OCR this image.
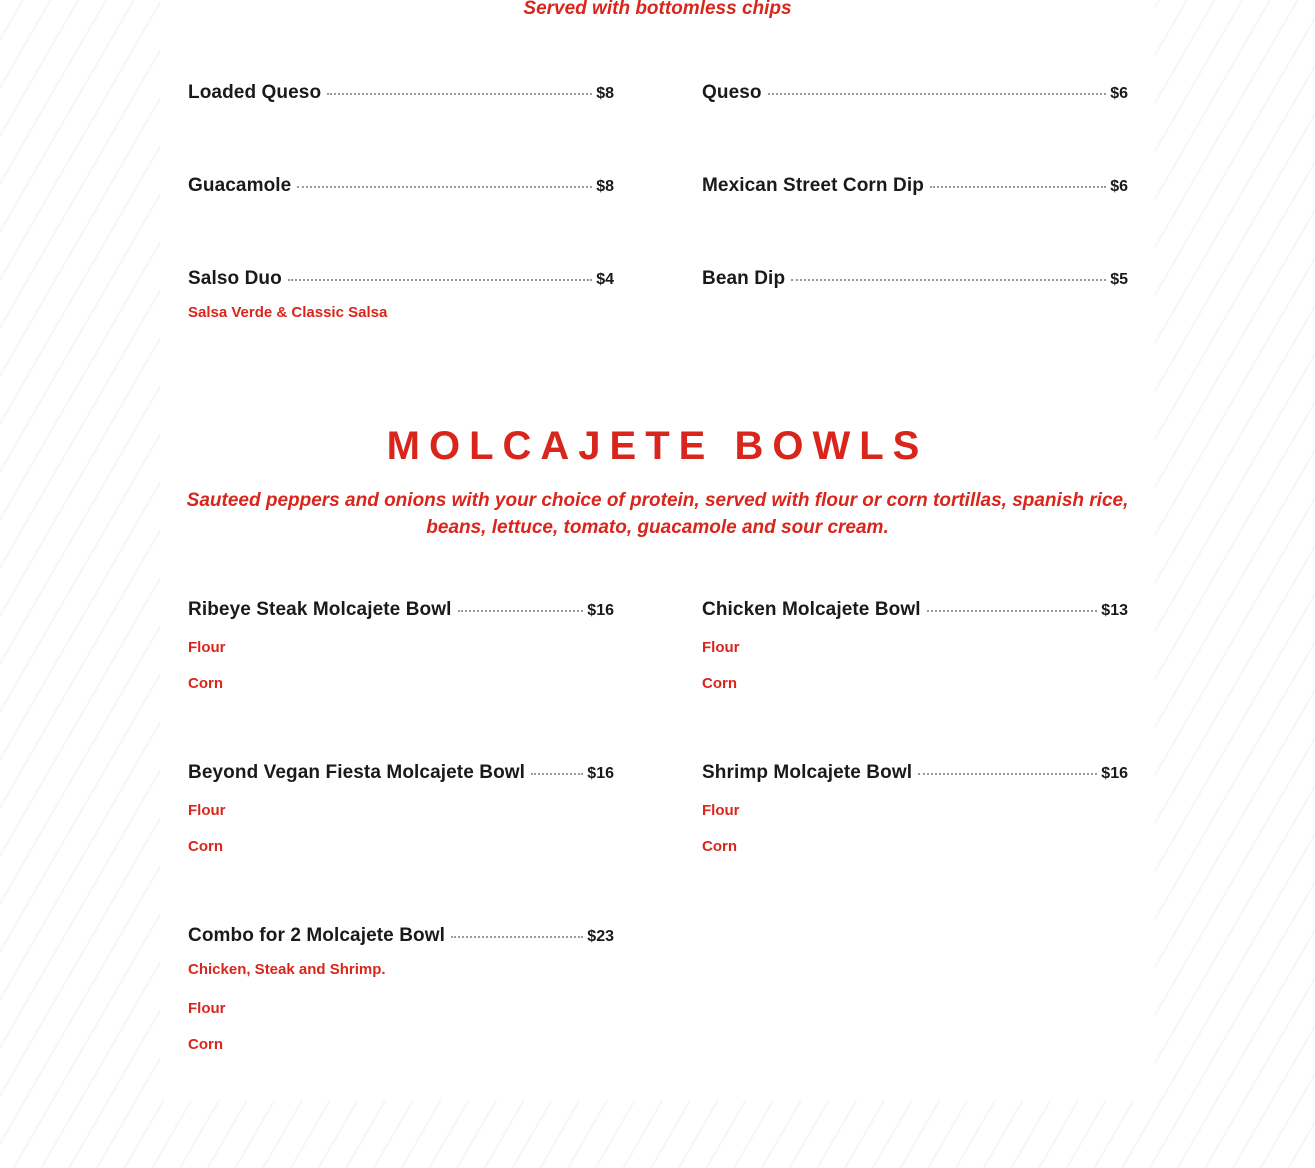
Served with bottomless chips
Loaded Queso	$8	Queso	$6
Guacamole	$8	Mexican Street Corn Dip	$6
Salso Duo	$4
Salsa Verde & Classic Salsa
Bean Dip	$5
MOLCAJETE BOWLS
Sauteed peppers and onions with your choice of protein, served with flour or corn tortillas, spanish rice, beans, lettuce, tomato, guacamole and sour cream.
Ribeye Steak Molcajete Bowl	$16
Flour
Corn
Chicken Molcajete Bowl	$13
Flour
Corn
Beyond Vegan Fiesta Molcajete Bowl	$16
Flour
Corn
Shrimp Molcajete Bowl	$16
Flour
Corn
Combo for 2 Molcajete Bowl	$23
Chicken, Steak and Shrimp.
Flour
Corn
